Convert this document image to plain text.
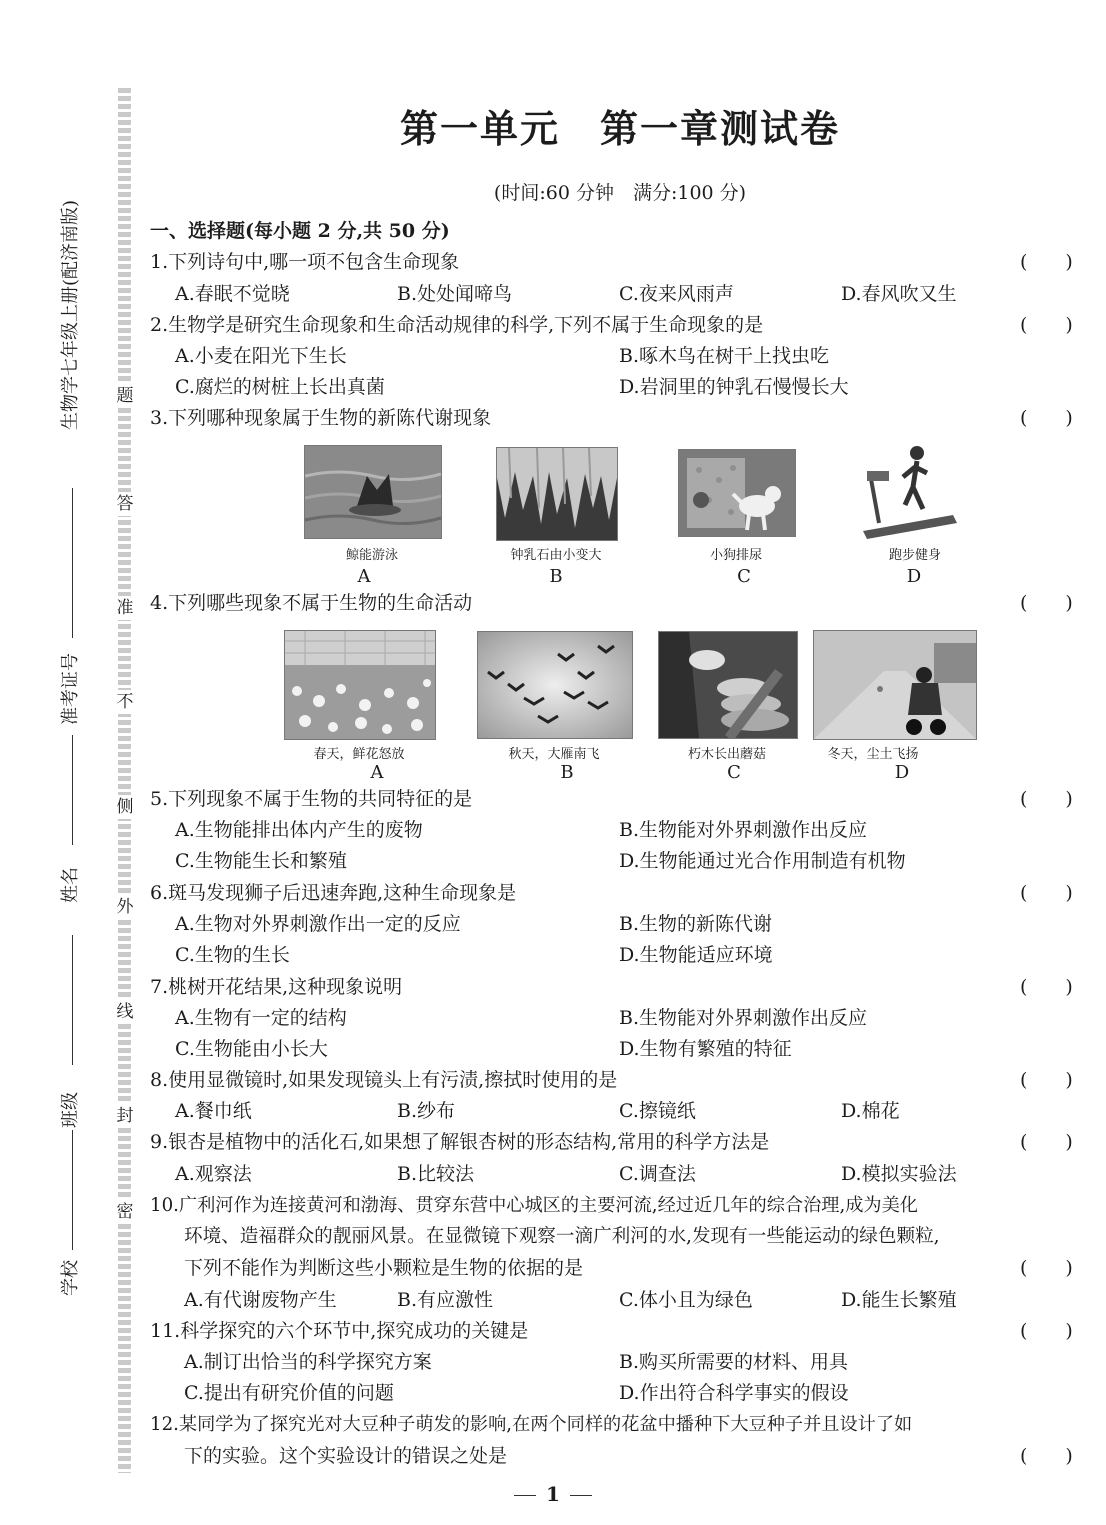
生物学七年级上册(配济南版)
准考证号
姓名
班级
学校
题
答
准
不
侧
外
线
封
密
第一单元　第一章测试卷
(时间:60 分钟　满分:100 分)
一、选择题(每小题 2 分,共 50 分)
1.下列诗句中,哪一项不包含生命现象	(　　)
A.春眠不觉晓	B.处处闻啼鸟	C.夜来风雨声	D.春风吹又生
2.生物学是研究生命现象和生命活动规律的科学,下列不属于生命现象的是	(　　)
A.小麦在阳光下生长	B.啄木鸟在树干上找虫吃
C.腐烂的树桩上长出真菌	D.岩洞里的钟乳石慢慢长大
3.下列哪种现象属于生物的新陈代谢现象	(　　)
鲸能游泳	钟乳石由小变大	小狗排尿	跑步健身
A	B	C	D
4.下列哪些现象不属于生物的生命活动	(　　)
春天，鲜花怒放	秋天，大雁南飞	朽木长出蘑菇	冬天，尘土飞扬
A	B	C	D
5.下列现象不属于生物的共同特征的是	(　　)
A.生物能排出体内产生的废物	B.生物能对外界刺激作出反应
C.生物能生长和繁殖	D.生物能通过光合作用制造有机物
6.斑马发现狮子后迅速奔跑,这种生命现象是	(　　)
A.生物对外界刺激作出一定的反应	B.生物的新陈代谢
C.生物的生长	D.生物能适应环境
7.桃树开花结果,这种现象说明	(　　)
A.生物有一定的结构	B.生物能对外界刺激作出反应
C.生物能由小长大	D.生物有繁殖的特征
8.使用显微镜时,如果发现镜头上有污渍,擦拭时使用的是	(　　)
A.餐巾纸	B.纱布	C.擦镜纸	D.棉花
9.银杏是植物中的活化石,如果想了解银杏树的形态结构,常用的科学方法是	(　　)
A.观察法	B.比较法	C.调查法	D.模拟实验法
10.广利河作为连接黄河和渤海、贯穿东营中心城区的主要河流,经过近几年的综合治理,成为美化
环境、造福群众的靓丽风景。在显微镜下观察一滴广利河的水,发现有一些能运动的绿色颗粒,
下列不能作为判断这些小颗粒是生物的依据的是	(　　)
A.有代谢废物产生	B.有应激性	C.体小且为绿色	D.能生长繁殖
11.科学探究的六个环节中,探究成功的关键是	(　　)
A.制订出恰当的科学探究方案	B.购买所需要的材料、用具
C.提出有研究价值的问题	D.作出符合科学事实的假设
12.某同学为了探究光对大豆种子萌发的影响,在两个同样的花盆中播种下大豆种子并且设计了如
下的实验。这个实验设计的错误之处是	(　　)
1
